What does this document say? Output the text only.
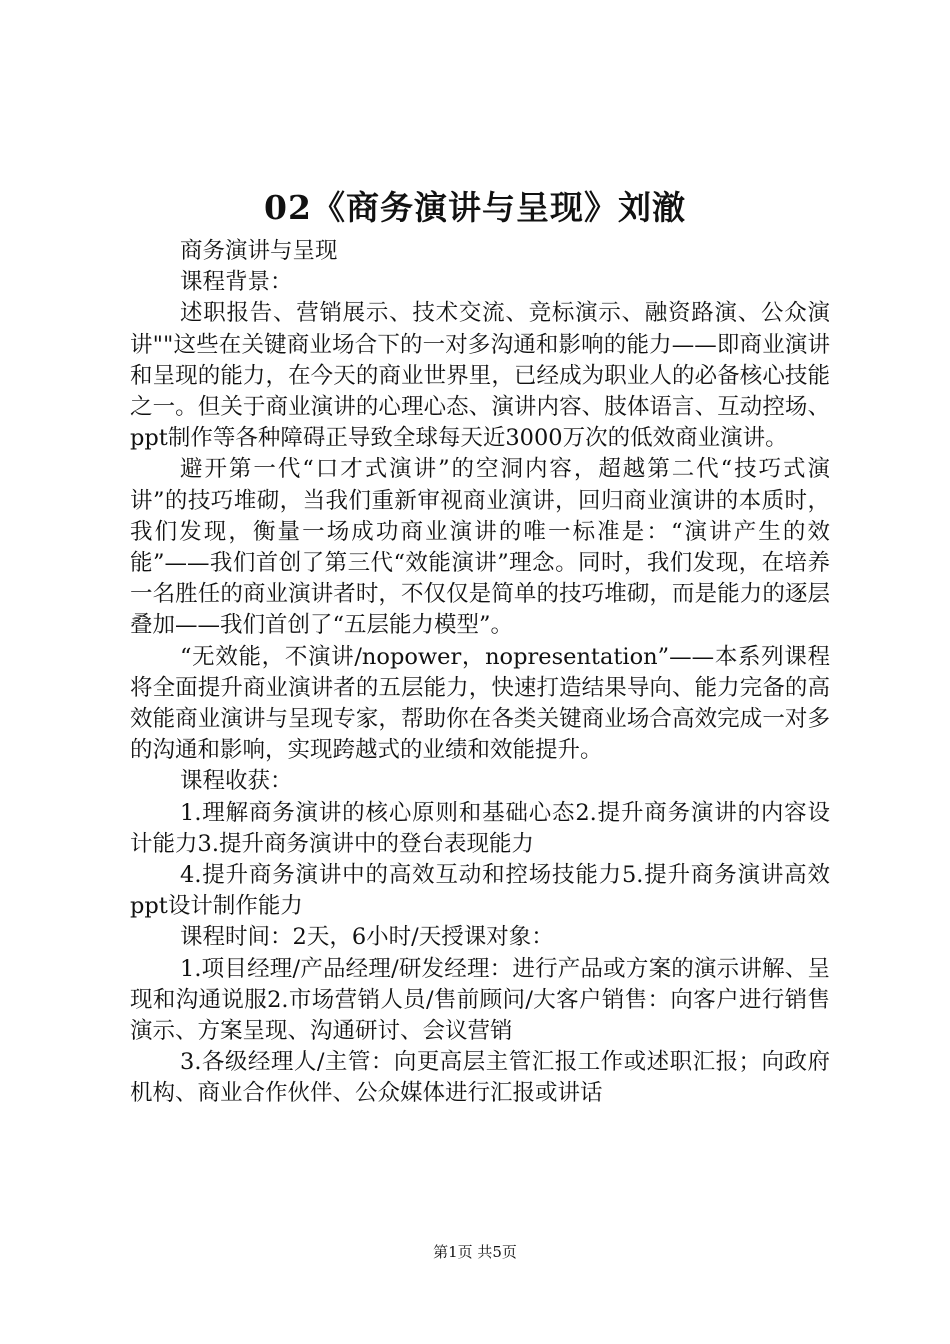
02《商务演讲与呈现》刘澈

商务演讲与呈现

课程背景：

述职报告、营销展示、技术交流、竞标演示、融资路演、公众演讲""这些在关键商业场合下的一对多沟通和影响的能力——即商业演讲和呈现的能力，在今天的商业世界里，已经成为职业人的必备核心技能之一。但关于商业演讲的心理心态、演讲内容、肢体语言、互动控场、ppt制作等各种障碍正导致全球每天近3000万次的低效商业演讲。

避开第一代“口才式演讲”的空洞内容，超越第二代“技巧式演讲”的技巧堆砌，当我们重新审视商业演讲，回归商业演讲的本质时，我们发现，衡量一场成功商业演讲的唯一标准是：“演讲产生的效能”——我们首创了第三代“效能演讲”理念。同时，我们发现，在培养一名胜任的商业演讲者时，不仅仅是简单的技巧堆砌，而是能力的逐层叠加——我们首创了“五层能力模型”。

“无效能，不演讲/nopower，nopresentation”——本系列课程将全面提升商业演讲者的五层能力，快速打造结果导向、能力完备的高效能商业演讲与呈现专家，帮助你在各类关键商业场合高效完成一对多的沟通和影响，实现跨越式的业绩和效能提升。

课程收获：

1.理解商务演讲的核心原则和基础心态2.提升商务演讲的内容设计能力3.提升商务演讲中的登台表现能力

4.提升商务演讲中的高效互动和控场技能力5.提升商务演讲高效ppt设计制作能力

课程时间：2天，6小时/天授课对象：

1.项目经理/产品经理/研发经理：进行产品或方案的演示讲解、呈现和沟通说服2.市场营销人员/售前顾问/大客户销售：向客户进行销售演示、方案呈现、沟通研讨、会议营销

3.各级经理人/主管：向更高层主管汇报工作或述职汇报；向政府机构、商业合作伙伴、公众媒体进行汇报或讲话

第1页 共5页
